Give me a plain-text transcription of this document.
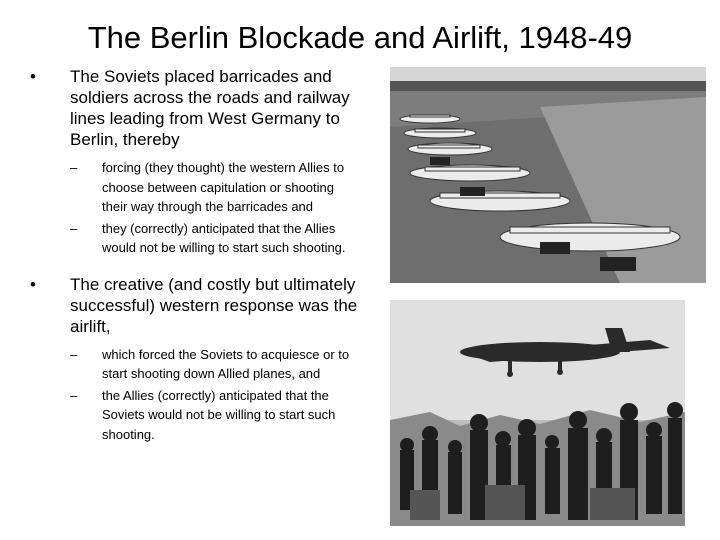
The Berlin Blockade and Airlift, 1948-49
•	The Soviets placed barricades and soldiers across the roads and railway lines leading from West Germany to Berlin, thereby
– forcing (they thought) the western Allies to choose between capitulation or shooting their way through the barricades and
– they (correctly) anticipated that the Allies would not be willing to start such shooting.
•	The creative (and costly but ultimately successful) western response was the airlift,
– which forced the Soviets to acquiesce or to start shooting down Allied planes, and
– the Allies (correctly) anticipated that the Soviets would not be willing to start such shooting.
